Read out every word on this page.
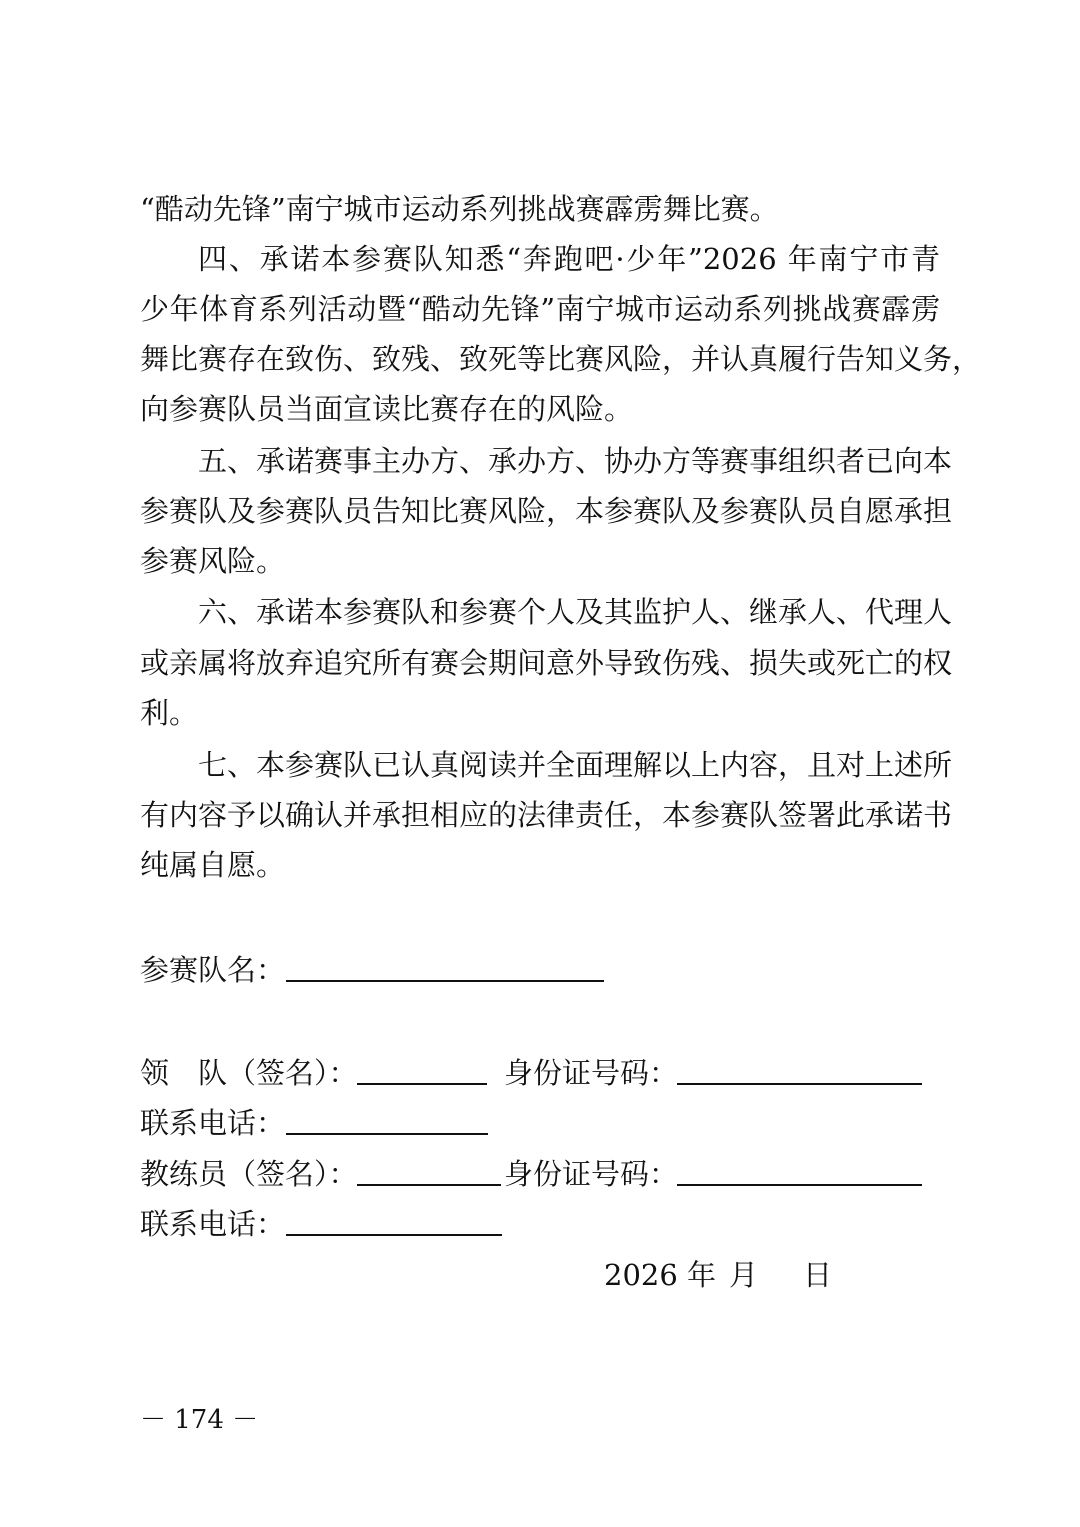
“酷动先锋”南宁城市运动系列挑战赛霹雳舞比赛。
四、承诺本参赛队知悉“奔跑吧·少年”2026 年南宁市青
少年体育系列活动暨“酷动先锋”南宁城市运动系列挑战赛霹雳
舞比赛存在致伤、致残、致死等比赛风险，并认真履行告知义务，
向参赛队员当面宣读比赛存在的风险。
五、承诺赛事主办方、承办方、协办方等赛事组织者已向本
参赛队及参赛队员告知比赛风险，本参赛队及参赛队员自愿承担
参赛风险。
六、承诺本参赛队和参赛个人及其监护人、继承人、代理人
或亲属将放弃追究所有赛会期间意外导致伤残、损失或死亡的权
利。
七、本参赛队已认真阅读并全面理解以上内容，且对上述所
有内容予以确认并承担相应的法律责任，本参赛队签署此承诺书
纯属自愿。
参赛队名：
领　队（签名）：	身份证号码：
联系电话：
教练员（签名）：	身份证号码：
联系电话：
2026 年 月 日
－ 174 －
